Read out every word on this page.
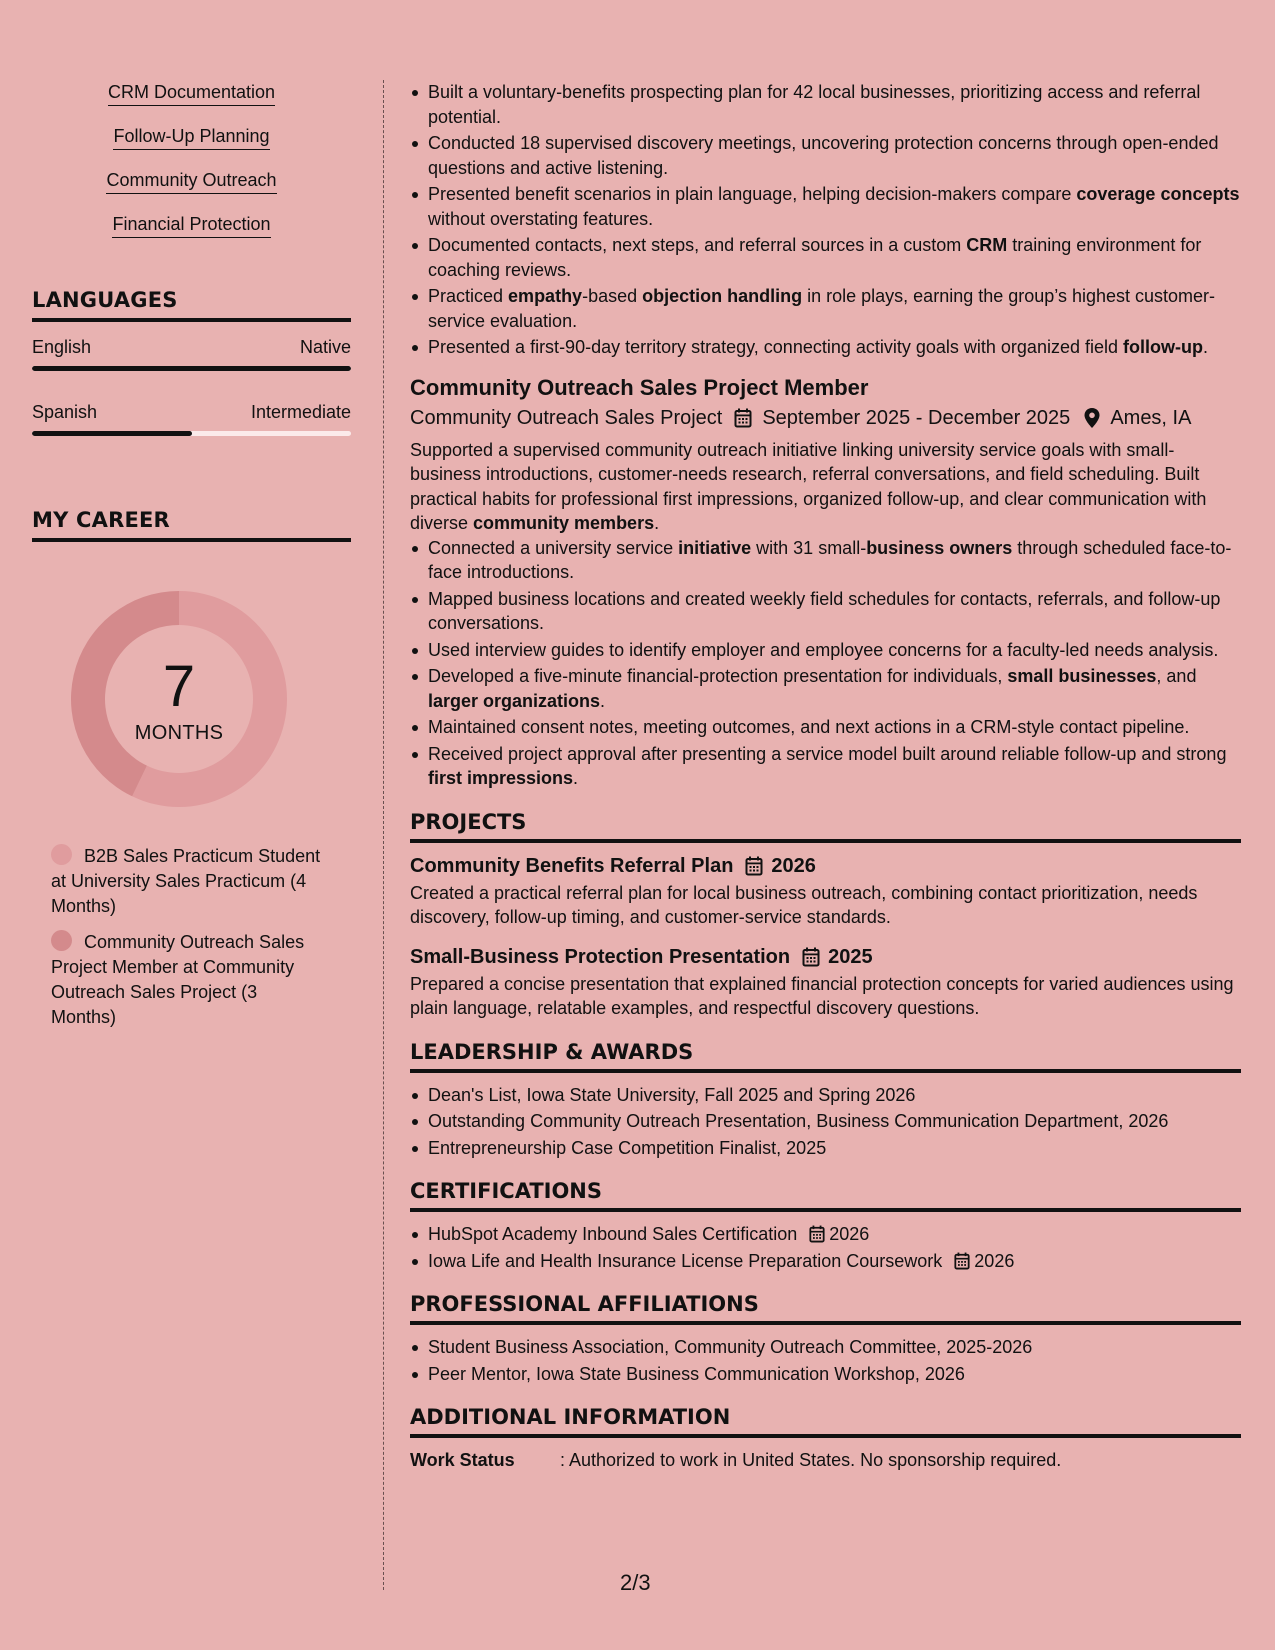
CRM Documentation
Follow-Up Planning
Community Outreach
Financial Protection
LANGUAGES
English	Native
Spanish	Intermediate
MY CAREER
7
MONTHS
B2B Sales Practicum Student at University Sales Practicum (4 Months)
Community Outreach Sales Project Member at Community Outreach Sales Project (3 Months)
Built a voluntary-benefits prospecting plan for 42 local businesses, prioritizing access and referral potential.
Conducted 18 supervised discovery meetings, uncovering protection concerns through open-ended questions and active listening.
Presented benefit scenarios in plain language, helping decision-makers compare coverage concepts without overstating features.
Documented contacts, next steps, and referral sources in a custom CRM training environment for coaching reviews.
Practiced empathy-based objection handling in role plays, earning the group’s highest customer-service evaluation.
Presented a first-90-day territory strategy, connecting activity goals with organized field follow-up.
Community Outreach Sales Project Member
Community Outreach Sales Project September 2025 - December 2025 Ames, IA
Supported a supervised community outreach initiative linking university service goals with small-business introductions, customer-needs research, referral conversations, and field scheduling. Built practical habits for professional first impressions, organized follow-up, and clear communication with diverse community members.
Connected a university service initiative with 31 small-business owners through scheduled face-to-face introductions.
Mapped business locations and created weekly field schedules for contacts, referrals, and follow-up conversations.
Used interview guides to identify employer and employee concerns for a faculty-led needs analysis.
Developed a five-minute financial-protection presentation for individuals, small businesses, and larger organizations.
Maintained consent notes, meeting outcomes, and next actions in a CRM-style contact pipeline.
Received project approval after presenting a service model built around reliable follow-up and strong first impressions.
PROJECTS
Community Benefits Referral Plan 2026
Created a practical referral plan for local business outreach, combining contact prioritization, needs discovery, follow-up timing, and customer-service standards.
Small-Business Protection Presentation 2025
Prepared a concise presentation that explained financial protection concepts for varied audiences using plain language, relatable examples, and respectful discovery questions.
LEADERSHIP & AWARDS
Dean's List, Iowa State University, Fall 2025 and Spring 2026
Outstanding Community Outreach Presentation, Business Communication Department, 2026
Entrepreneurship Case Competition Finalist, 2025
CERTIFICATIONS
HubSpot Academy Inbound Sales Certification 2026
Iowa Life and Health Insurance License Preparation Coursework 2026
PROFESSIONAL AFFILIATIONS
Student Business Association, Community Outreach Committee, 2025-2026
Peer Mentor, Iowa State Business Communication Workshop, 2026
ADDITIONAL INFORMATION
Work Status	: Authorized to work in United States. No sponsorship required.
2/3
